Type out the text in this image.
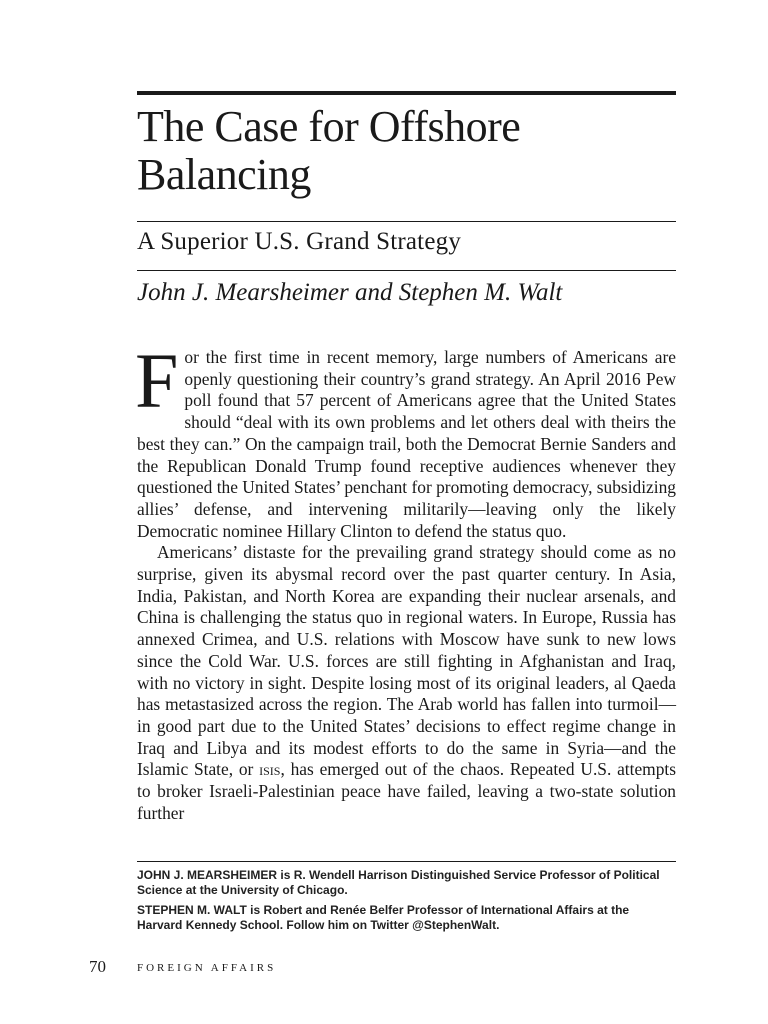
The Case for Offshore Balancing
A Superior U.S. Grand Strategy
John J. Mearsheimer and Stephen M. Walt

For the first time in recent memory, large numbers of Americans are openly questioning their country’s grand strategy. An April 2016 Pew poll found that 57 percent of Americans agree that the United States should “deal with its own problems and let others deal with theirs the best they can.” On the campaign trail, both the Democrat Bernie Sanders and the Republican Donald Trump found receptive audiences whenever they questioned the United States’ penchant for promoting democracy, subsidizing allies’ defense, and intervening militarily—leaving only the likely Democratic nominee Hillary Clinton to defend the status quo.

Americans’ distaste for the prevailing grand strategy should come as no surprise, given its abysmal record over the past quarter century. In Asia, India, Pakistan, and North Korea are expanding their nuclear arsenals, and China is challenging the status quo in regional waters. In Europe, Russia has annexed Crimea, and U.S. relations with Moscow have sunk to new lows since the Cold War. U.S. forces are still fighting in Afghanistan and Iraq, with no victory in sight. Despite losing most of its original leaders, al Qaeda has metastasized across the region. The Arab world has fallen into turmoil—in good part due to the United States’ decisions to effect regime change in Iraq and Libya and its modest efforts to do the same in Syria—and the Islamic State, or isis, has emerged out of the chaos. Repeated U.S. attempts to broker Israeli-Palestinian peace have failed, leaving a two-state solution further

JOHN J. MEARSHEIMER is R. Wendell Harrison Distinguished Service Professor of Political Science at the University of Chicago.

STEPHEN M. WALT is Robert and Renée Belfer Professor of International Affairs at the Harvard Kennedy School. Follow him on Twitter @StephenWalt.

70	FOREIGN AFFAIRS
